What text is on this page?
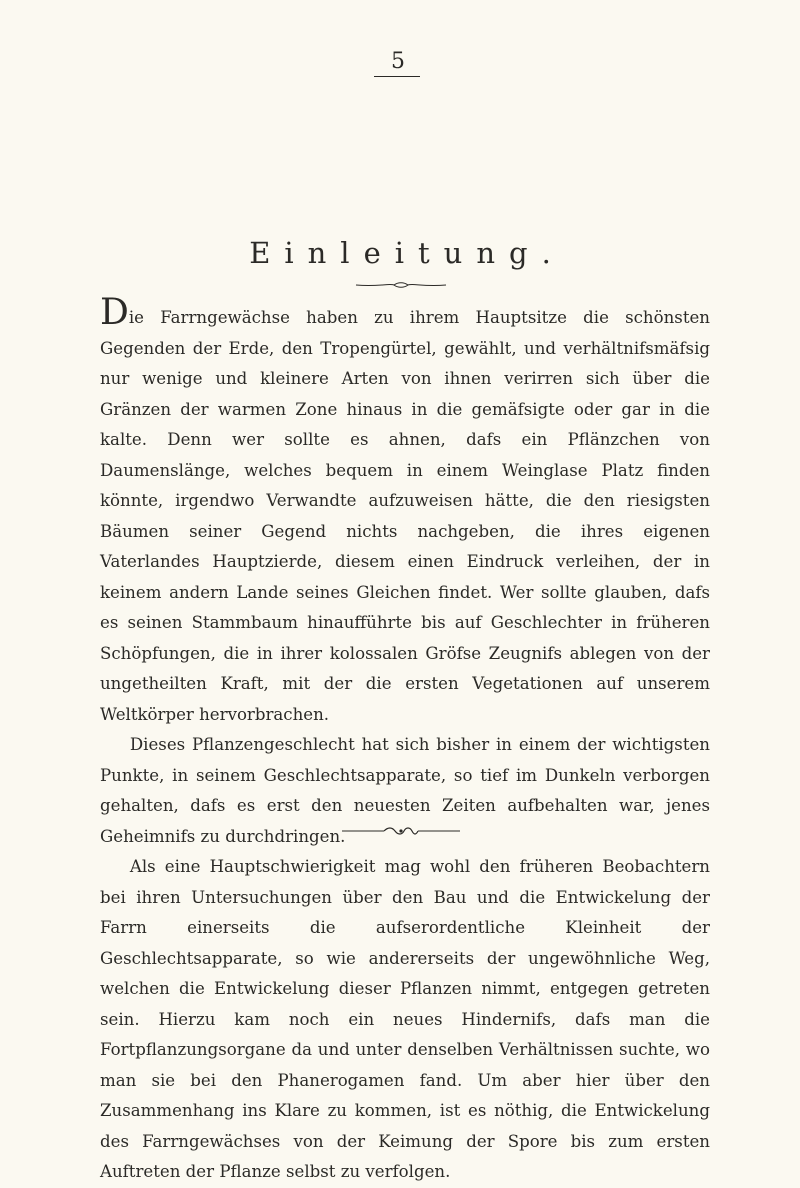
5
Einleitung.

Die Farrngewächse haben zu ihrem Hauptsitze die schönsten Gegenden der Erde, den Tropengürtel, gewählt, und verhältnifsmäfsig nur wenige und kleinere Arten von ihnen verirren sich über die Gränzen der warmen Zone hinaus in die gemäfsigte oder gar in die kalte. Denn wer sollte es ahnen, dafs ein Pflänzchen von Daumenslänge, welches bequem in einem Weinglase Platz finden könnte, irgendwo Verwandte aufzuweisen hätte, die den riesigsten Bäumen seiner Gegend nichts nachgeben, die ihres eigenen Vaterlandes Hauptzierde, diesem einen Eindruck verleihen, der in keinem andern Lande seines Gleichen findet. Wer sollte glauben, dafs es seinen Stammbaum hinaufführte bis auf Geschlechter in früheren Schöpfungen, die in ihrer kolossalen Gröfse Zeugnifs ablegen von der ungetheilten Kraft, mit der die ersten Vegetationen auf unserem Weltkörper hervorbrachen.

Dieses Pflanzengeschlecht hat sich bisher in einem der wichtigsten Punkte, in seinem Geschlechtsapparate, so tief im Dunkeln verborgen gehalten, dafs es erst den neuesten Zeiten aufbehalten war, jenes Geheimnifs zu durchdringen.

Als eine Hauptschwierigkeit mag wohl den früheren Beobachtern bei ihren Untersuchungen über den Bau und die Entwickelung der Farrn einerseits die aufserordentliche Kleinheit der Geschlechtsapparate, so wie andererseits der ungewöhnliche Weg, welchen die Entwickelung dieser Pflanzen nimmt, entgegen getreten sein. Hierzu kam noch ein neues Hindernifs, dafs man die Fortpflanzungsorgane da und unter denselben Verhältnissen suchte, wo man sie bei den Phanerogamen fand. Um aber hier über den Zusammenhang ins Klare zu kommen, ist es nöthig, die Entwickelung des Farrngewächses von der Keimung der Spore bis zum ersten Auftreten der Pflanze selbst zu verfolgen.
